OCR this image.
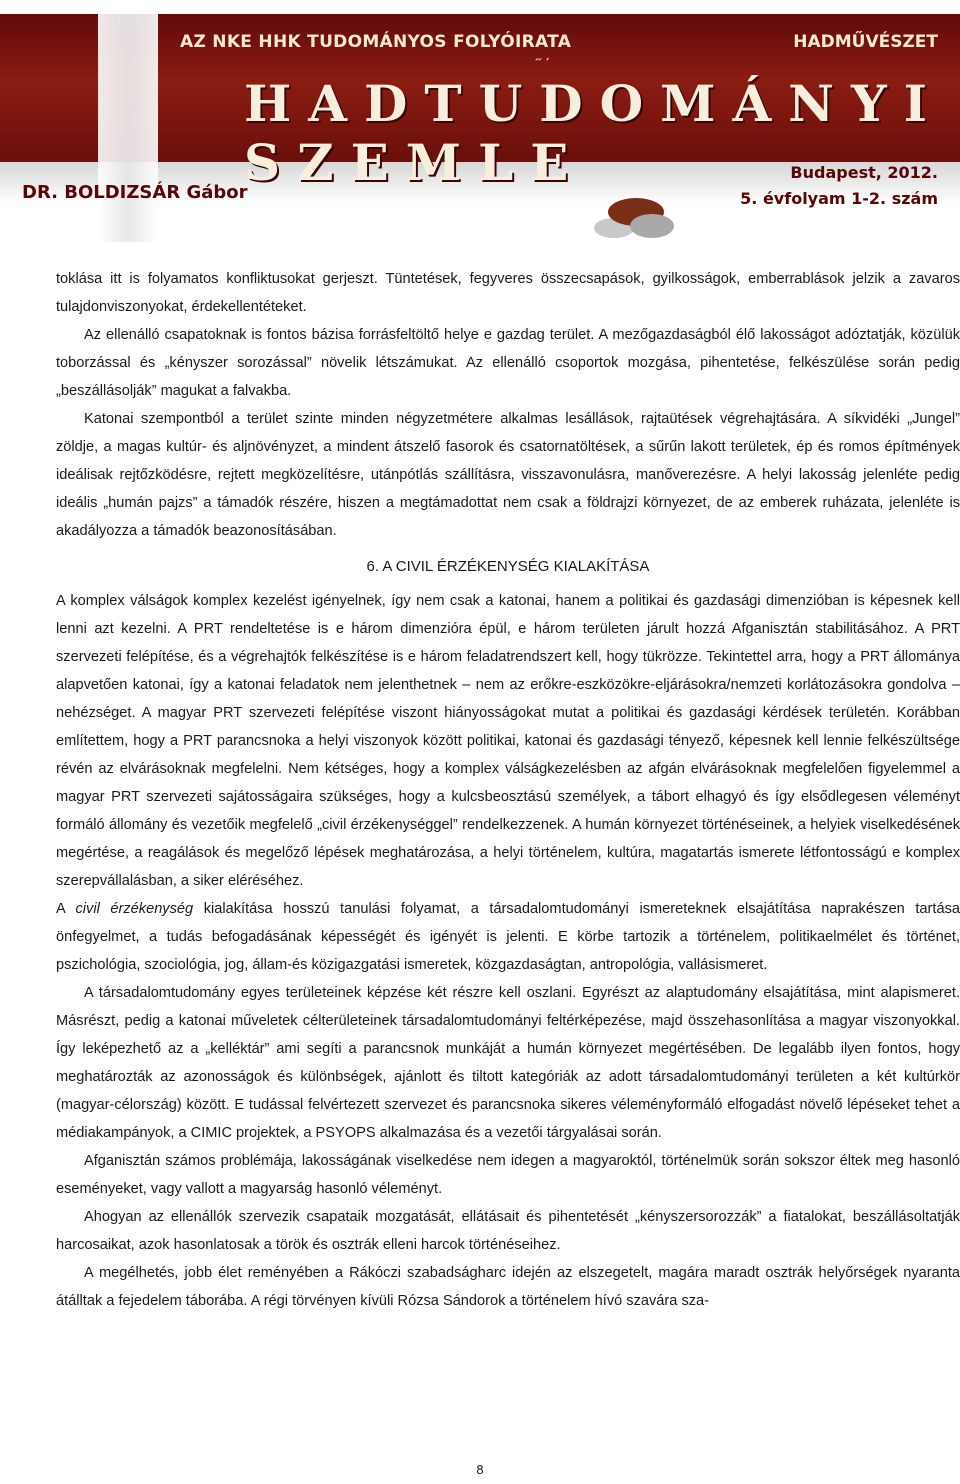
AZ NKE HHK TUDOMÁNYOS FOLYÓIRATA	HADMŰVÉSZET
˝ ΄
HADTUDOMÁNYI SZEMLE
DR. BOLDIZSÁR Gábor
Budapest, 2012.
5. évfolyam 1-2. szám

toklása itt is folyamatos konfliktusokat gerjeszt. Tüntetések, fegyveres összecsapások, gyilkosságok, emberrablások jelzik a zavaros tulajdonviszonyokat, érdekellentéteket.

Az ellenálló csapatoknak is fontos bázisa forrásfeltöltő helye e gazdag terület. A mezőgazdaságból élő lakosságot adóztatják, közülük toborzással és „kényszer sorozással” növelik létszámukat. Az ellenálló csoportok mozgása, pihentetése, felkészülése során pedig „beszállásolják” magukat a falvakba.

Katonai szempontból a terület szinte minden négyzetmétere alkalmas lesállások, rajtaütések végrehajtására. A síkvidéki „Jungel” zöldje, a magas kultúr- és aljnövényzet, a mindent átszelő fasorok és csatornatöltések, a sűrűn lakott területek, ép és romos építmények ideálisak rejtőzködésre, rejtett megközelítésre, utánpótlás szállításra, visszavonulásra, manőverezésre. A helyi lakosság jelenléte pedig ideális „humán pajzs” a támadók részére, hiszen a megtámadottat nem csak a földrajzi környezet, de az emberek ruházata, jelenléte is akadályozza a támadók beazonosításában.

6. A CIVIL ÉRZÉKENYSÉG KIALAKÍTÁSA

A komplex válságok komplex kezelést igényelnek, így nem csak a katonai, hanem a politikai és gazdasági dimenzióban is képesnek kell lenni azt kezelni. A PRT rendeltetése is e három dimenzióra épül, e három területen járult hozzá Afganisztán stabilitásához. A PRT szervezeti felépítése, és a végrehajtók felkészítése is e három feladatrendszert kell, hogy tükrözze. Tekintettel arra, hogy a PRT állománya alapvetően katonai, így a katonai feladatok nem jelenthetnek – nem az erőkre-eszközökre-eljárásokra/nemzeti korlátozásokra gondolva – nehézséget. A magyar PRT szervezeti felépítése viszont hiányosságokat mutat a politikai és gazdasági kérdések területén. Korábban említettem, hogy a PRT parancsnoka a helyi viszonyok között politikai, katonai és gazdasági tényező, képesnek kell lennie felkészültsége révén az elvárásoknak megfelelni. Nem kétséges, hogy a komplex válságkezelésben az afgán elvárásoknak megfelelően figyelemmel a magyar PRT szervezeti sajátosságaira szükséges, hogy a kulcsbeosztású személyek, a tábort elhagyó és így elsődlegesen véleményt formáló állomány és vezetőik megfelelő „civil érzékenységgel” rendelkezzenek. A humán környezet történéseinek, a helyiek viselkedésének megértése, a reagálások és megelőző lépések meghatározása, a helyi történelem, kultúra, magatartás ismerete létfontosságú e komplex szerepvállalásban, a siker eléréséhez.

A civil érzékenység kialakítása hosszú tanulási folyamat, a társadalomtudományi ismereteknek elsajátítása naprakészen tartása önfegyelmet, a tudás befogadásának képességét és igényét is jelenti. E körbe tartozik a történelem, politikaelmélet és történet, pszichológia, szociológia, jog, állam-és közigazgatási ismeretek, közgazdaságtan, antropológia, vallásismeret.

A társadalomtudomány egyes területeinek képzése két részre kell oszlani. Egyrészt az alaptudomány elsajátítása, mint alapismeret. Másrészt, pedig a katonai műveletek célterületeinek társadalomtudományi feltérképezése, majd összehasonlítása a magyar viszonyokkal. Így leképezhető az a „kelléktár” ami segíti a parancsnok munkáját a humán környezet megértésében. De legalább ilyen fontos, hogy meghatározták az azonosságok és különbségek, ajánlott és tiltott kategóriák az adott társadalomtudományi területen a két kultúrkör (magyar-célország) között. E tudással felvértezett szervezet és parancsnoka sikeres véleményformáló elfogadást növelő lépéseket tehet a médiakampányok, a CIMIC projektek, a PSYOPS alkalmazása és a vezetői tárgyalásai során.

Afganisztán számos problémája, lakosságának viselkedése nem idegen a magyaroktól, történelmük során sokszor éltek meg hasonló eseményeket, vagy vallott a magyarság hasonló véleményt.

Ahogyan az ellenállók szervezik csapataik mozgatását, ellátásait és pihentetését „kényszersorozzák” a fiatalokat, beszállásoltatják harcosaikat, azok hasonlatosak a török és osztrák elleni harcok történéseihez.

A megélhetés, jobb élet reményében a Rákóczi szabadságharc idején az elszegetelt, magára maradt osztrák helyőrségek nyaranta átálltak a fejedelem táborába. A régi törvényen kívüli Rózsa Sándorok a történelem hívó szavára sza-

8
